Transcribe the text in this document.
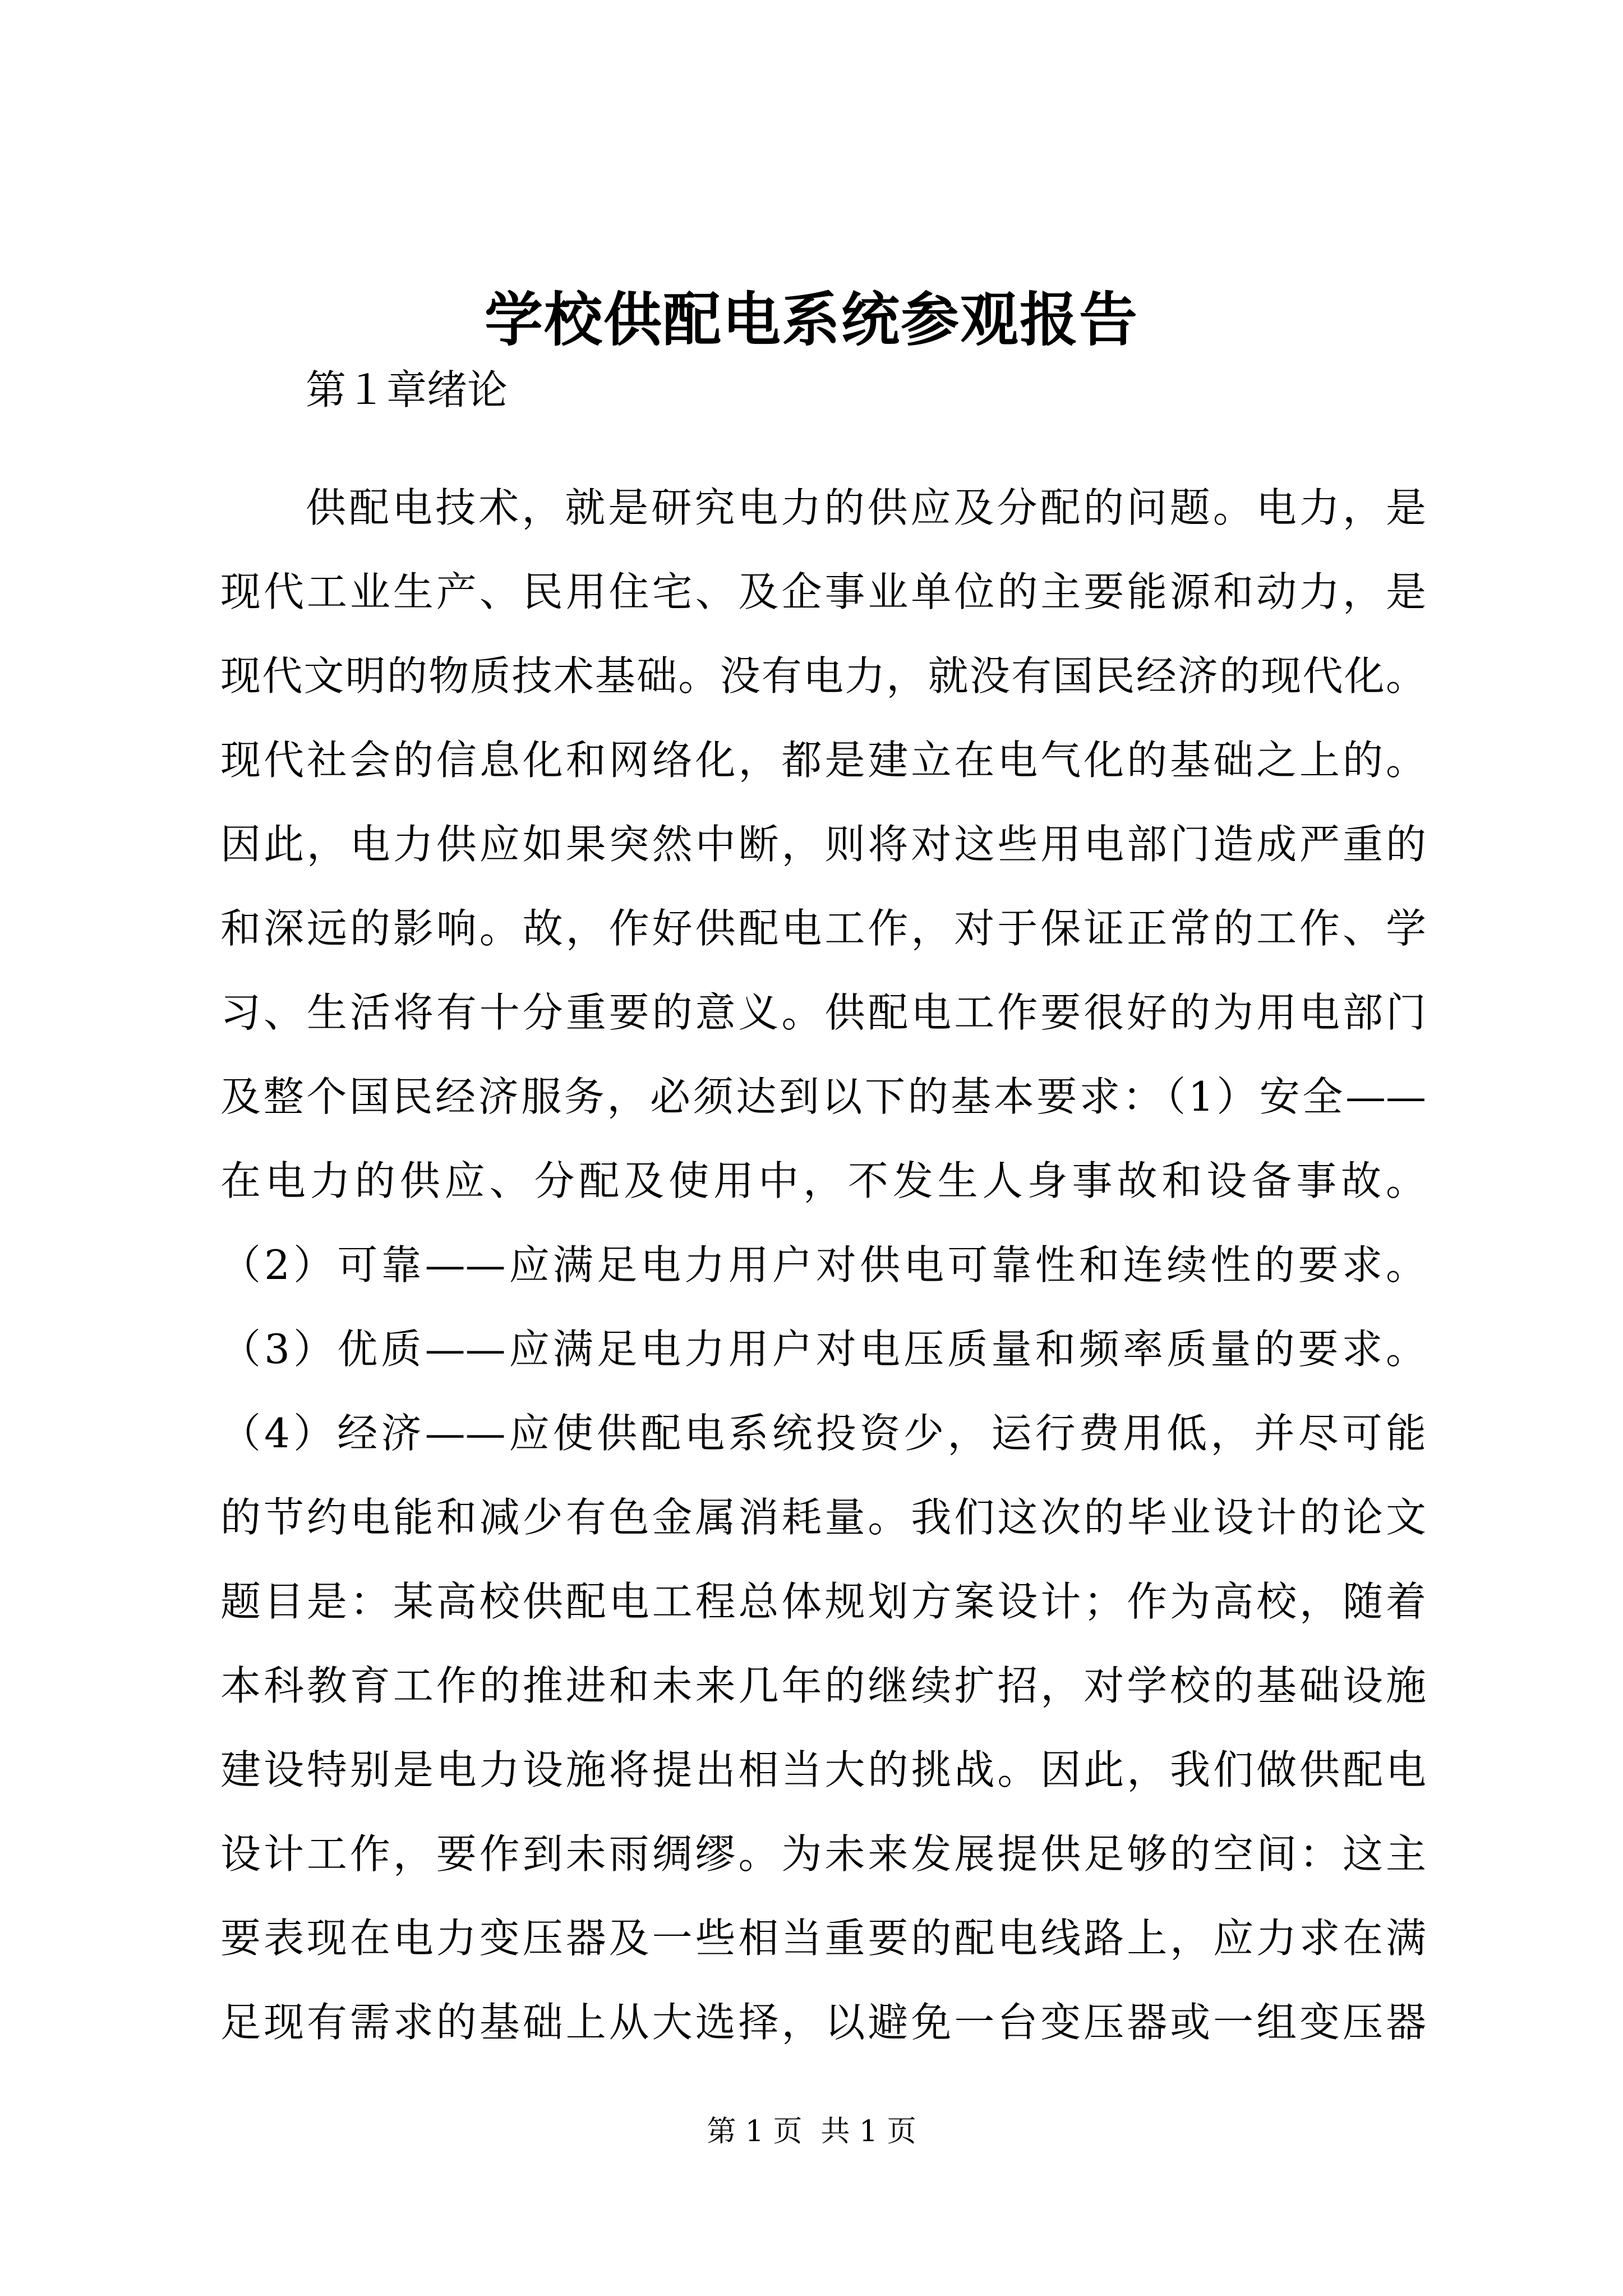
学校供配电系统参观报告
第１章绪论
供配电技术，就是研究电力的供应及分配的问题。电力，是
现代工业生产、民用住宅、及企事业单位的主要能源和动力，是
现代文明的物质技术基础。没有电力，就没有国民经济的现代化。
现代社会的信息化和网络化，都是建立在电气化的基础之上的。
因此，电力供应如果突然中断，则将对这些用电部门造成严重的
和深远的影响。故，作好供配电工作，对于保证正常的工作、学
习、生活将有十分重要的意义。供配电工作要很好的为用电部门
及整个国民经济服务，必须达到以下的基本要求：（1）安全——
在电力的供应、分配及使用中，不发生人身事故和设备事故。
（2）可靠——应满足电力用户对供电可靠性和连续性的要求。
（3）优质——应满足电力用户对电压质量和频率质量的要求。
（4）经济——应使供配电系统投资少，运行费用低，并尽可能
的节约电能和减少有色金属消耗量。我们这次的毕业设计的论文
题目是：某高校供配电工程总体规划方案设计；作为高校，随着
本科教育工作的推进和未来几年的继续扩招，对学校的基础设施
建设特别是电力设施将提出相当大的挑战。因此，我们做供配电
设计工作，要作到未雨绸缪。为未来发展提供足够的空间：这主
要表现在电力变压器及一些相当重要的配电线路上，应力求在满
足现有需求的基础上从大选择，以避免一台变压器或一组变压器
第 1 页  共 1 页
